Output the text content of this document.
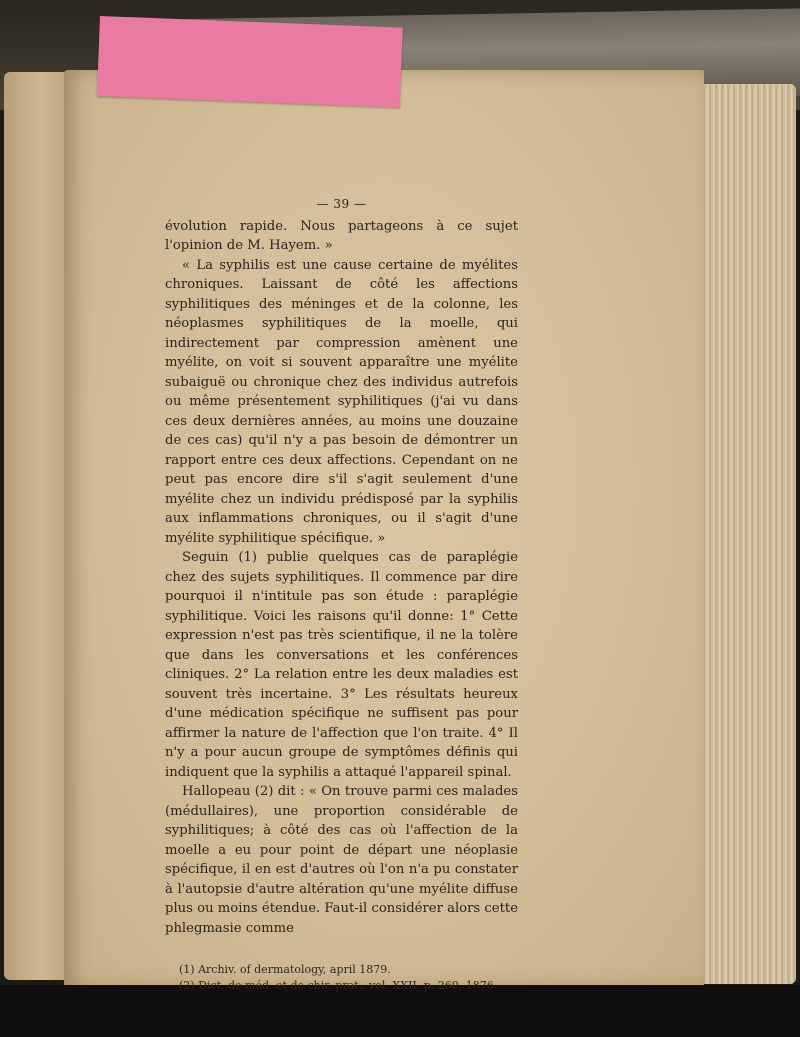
— 39 —

évolution rapide. Nous partageons à ce sujet l'opinion de M. Hayem. »

« La syphilis est une cause certaine de myélites chroniques. Laissant de côté les affections syphilitiques des méninges et de la colonne, les néoplasmes syphilitiques de la moelle, qui indirectement par compression amènent une myélite, on voit si souvent apparaître une myélite subaiguë ou chronique chez des individus autrefois ou même présentement syphilitiques (j'ai vu dans ces deux dernières années, au moins une douzaine de ces cas) qu'il n'y a pas besoin de démontrer un rapport entre ces deux affections. Cependant on ne peut pas encore dire s'il s'agit seulement d'une myélite chez un individu prédisposé par la syphilis aux inflammations chroniques, ou il s'agit d'une myélite syphilitique spécifique. »

Seguin (1) publie quelques cas de paraplégie chez des sujets syphilitiques. Il commence par dire pourquoi il n'intitule pas son étude : paraplégie syphilitique. Voici les raisons qu'il donne: 1° Cette expression n'est pas très scientifique, il ne la tolère que dans les conversations et les conférences cliniques. 2° La relation entre les deux maladies est souvent très incertaine. 3° Les résultats heureux d'une médication spécifique ne suffisent pas pour affirmer la nature de l'affection que l'on traite. 4° Il n'y a pour aucun groupe de symptômes définis qui indiquent que la syphilis a attaqué l'appareil spinal.

Hallopeau (2) dit : « On trouve parmi ces malades (médullaires), une proportion considérable de syphilitiques; à côté des cas où l'affection de la moelle a eu pour point de départ une néoplasie spécifique, il en est d'autres où l'on n'a pu constater à l'autopsie d'autre altération qu'une myélite diffuse plus ou moins étendue. Faut-il considérer alors cette phlegmasie comme

(1) Archiv. of dermatology, april 1879.

(2) Dict. de méd. et de chir. prat., vol. XXII, p. 260, 1876.
